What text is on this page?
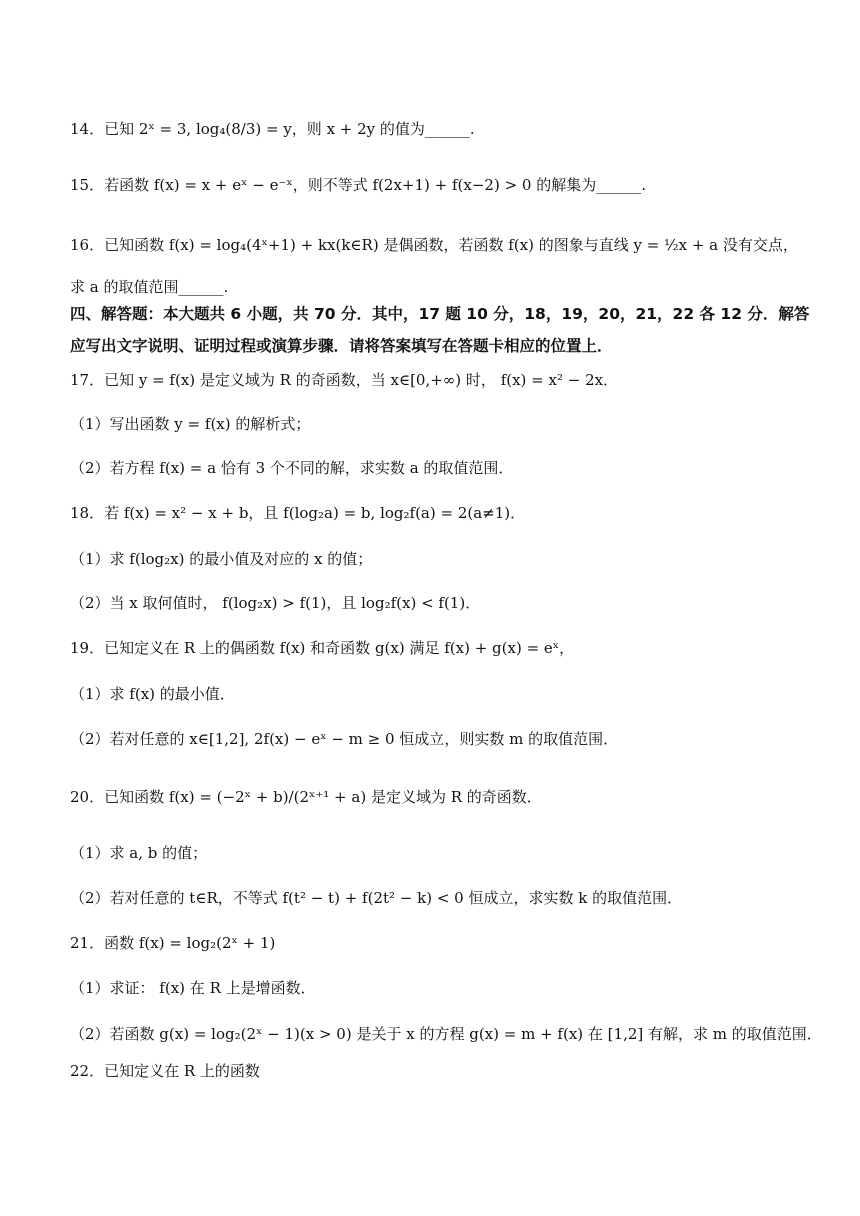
14．已知 2ˣ = 3, log₄(8/3) = y，则 x + 2y 的值为______.
15．若函数 f(x) = x + eˣ − e⁻ˣ，则不等式 f(2x+1) + f(x−2) > 0 的解集为______.
16．已知函数 f(x) = log₄(4ˣ+1) + kx(k∈R) 是偶函数，若函数 f(x) 的图象与直线 y = ½x + a 没有交点，
求 a 的取值范围______.
四、解答题：本大题共 6 小题，共 70 分．其中，17 题 10 分，18，19，20，21，22 各 12 分．解答应写出文字说明、证明过程或演算步骤．请将答案填写在答题卡相应的位置上．
17．已知 y = f(x) 是定义域为 R 的奇函数，当 x∈[0,+∞) 时， f(x) = x² − 2x．
（1）写出函数 y = f(x) 的解析式；
（2）若方程 f(x) = a 恰有 3 个不同的解，求实数 a 的取值范围．
18．若 f(x) = x² − x + b，且 f(log₂a) = b, log₂f(a) = 2(a≠1)．
（1）求 f(log₂x) 的最小值及对应的 x 的值；
（2）当 x 取何值时， f(log₂x) > f(1)，且 log₂f(x) < f(1)．
19．已知定义在 R 上的偶函数 f(x) 和奇函数 g(x) 满足 f(x) + g(x) = eˣ，
（1）求 f(x) 的最小值．
（2）若对任意的 x∈[1,2], 2f(x) − eˣ − m ≥ 0 恒成立，则实数 m 的取值范围．
20．已知函数 f(x) = (−2ˣ + b)/(2ˣ⁺¹ + a) 是定义域为 R 的奇函数．
（1）求 a, b 的值；
（2）若对任意的 t∈R，不等式 f(t² − t) + f(2t² − k) < 0 恒成立，求实数 k 的取值范围．
21．函数 f(x) = log₂(2ˣ + 1)
（1）求证： f(x) 在 R 上是增函数．
（2）若函数 g(x) = log₂(2ˣ − 1)(x > 0) 是关于 x 的方程 g(x) = m + f(x) 在 [1,2] 有解，求 m 的取值范围．
22．已知定义在 R 上的函数
